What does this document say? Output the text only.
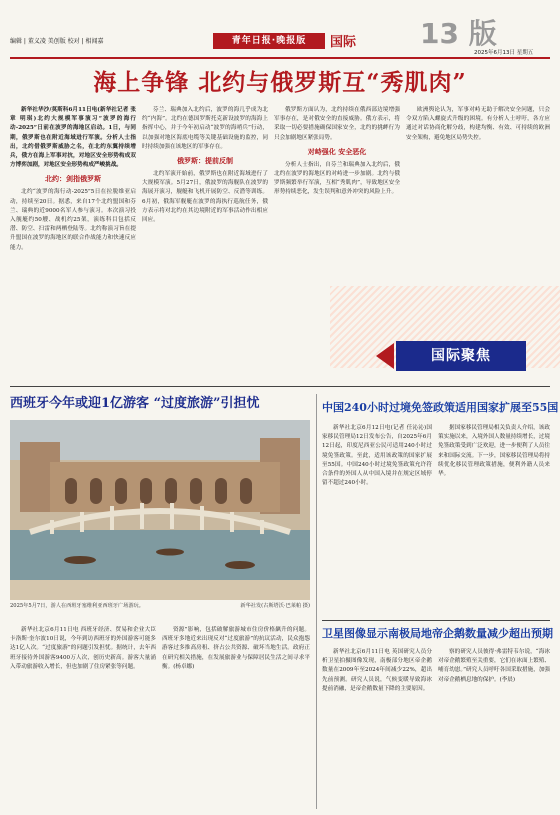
编辑 | 董义凌 美创版 校对 | 相闻嘉	青年日报·晚报版	国际 13 版
2025年6月13日 星期五
海上争锋 北约与俄罗斯互“秀肌肉”

新华社华沙/莫斯科6月11日电(新华社记者 张 章 明琪)北约大规模军事演习“波罗的海行动-2025”日前在波罗的海地区启动。1日，与同期，俄罗斯也在附近海域进行军演。分析人士指出，北约借俄罗斯威胁之名，在北约东翼持续增兵，俄方在海上军事对抗，对地区安全形势构成双方博弈加剧，对地区安全形势构成严峻挑战。

北约：剑指俄罗斯

北约“波罗的海行动-2025”5日在拉脱维亚启动，持续至20日。据悉，来自17个北约盟国和芬兰、瑞典的近9000名军人参与演习。本次演习投入舰艇约50艘、战机约25架，演练科目包括反潜、防空、扫雷和两栖登陆等。北约称演习旨在提升盟国在波罗的海地区的联合作战能力和快速反应能力。

芬兰、瑞典加入北约后，波罗的海几乎成为北约“内海”。北约在德国罗斯托克新设波罗的海海上指挥中心，并于今年初启动“波罗的海哨兵”行动，以加强对地区海底电缆等关键基础设施的监控，同时持续加强在该地区的军事存在。

俄罗斯：提前反制

北约军演开始前，俄罗斯也在附近海域进行了大规模军演。5月27日，俄波罗的海舰队在波罗的海展开演习，舰艇和飞机开展防空、反潜等训练。6月初，俄海军舰艇在波罗的海执行巡航任务，俄方表示将对北约在其边境附近的军事活动作出相应回应。

俄罗斯方面认为，北约持续在俄西部边境增强军事存在，是对俄安全的直接威胁。俄方表示，将采取一切必要措施确保国家安全，北约的挑衅行为只会加剧地区紧张局势。

对峙强化 安全恶化

分析人士指出，自芬兰和瑞典加入北约后，俄北约在波罗的海地区的对峙进一步加剧。北约与俄罗斯频繁举行军演，互相“秀肌肉”，导致地区安全形势持续恶化，发生误判和意外冲突的风险上升。

欧洲舆论认为，军事对峙无助于解决安全问题，只会令双方陷入螺旋式升级的困境。有分析人士呼吁，各方应通过对话协商化解分歧，构建均衡、有效、可持续的欧洲安全架构，避免地区局势失控。

国际聚焦
西班牙今年或迎1亿游客 “过度旅游”引担忧
2025年5月7日，游人在西班牙塞维利亚西班牙广场游玩。	新华社发(古斯塔沃·巴莱帕 摄)

新华社北京6月11日电 西班牙经济、贸易和企业大臣卡洛斯·奎尔波10日说，今年到访西班牙的外国游客可能多达1亿人次。“过度旅游”的问题引发担忧。据统计，去年西班牙接待外国游客9400万人次，创历史新高。游客大量涌入带动旅游收入增长，但也加剧了住房紧张等问题。

资源”影响，包括破解旅游城市住房价格飙升的问题。西班牙多地近来出现反对“过度旅游”的抗议活动，民众抱怨游客过多推高房租、挤占公共资源、破坏当地生活。政府正在研究相关措施，在发展旅游业与保障居民生活之间寻求平衡。(杨卓娜)

中国240小时过境免签政策适用国家扩展至55国

新华社北京6月12日电(记者 任沁沁)国家移民管理局12日发布公告，自2025年6月12日起，印度尼西亚公民可适用240小时过境免签政策。至此，适用该政策的国家扩展至55国。中国240小时过境免签政策允许符合条件的外国人从中国入境并在规定区域停留不超过240小时。

据国家移民管理局相关负责人介绍，该政策实施以来，入境外国人数量持续增长，过境免签政策受到广泛欢迎，进一步便利了人员往来和国际交流。下一步，国家移民管理局将持续优化移民管理政策措施，便利外籍人员来华。

卫星图像显示南极局地帝企鹅数量减少超出预期

新华社北京6月11日电 英国研究人员分析卫星拍摄图像发现，南极部分地区帝企鹅数量在2009年至2024年间减少22%，超出先前预测。研究人员说，气候变暖导致海冰提前消融，是帝企鹅数量下降的主要原因。

察的研究人员彼得·弗雷特韦尔说，“海冰对帝企鹅繁殖至关重要，它们在冰面上繁殖、哺育幼崽。”研究人员呼吁各国采取措施，加强对帝企鹅栖息地的保护。(李晨)
